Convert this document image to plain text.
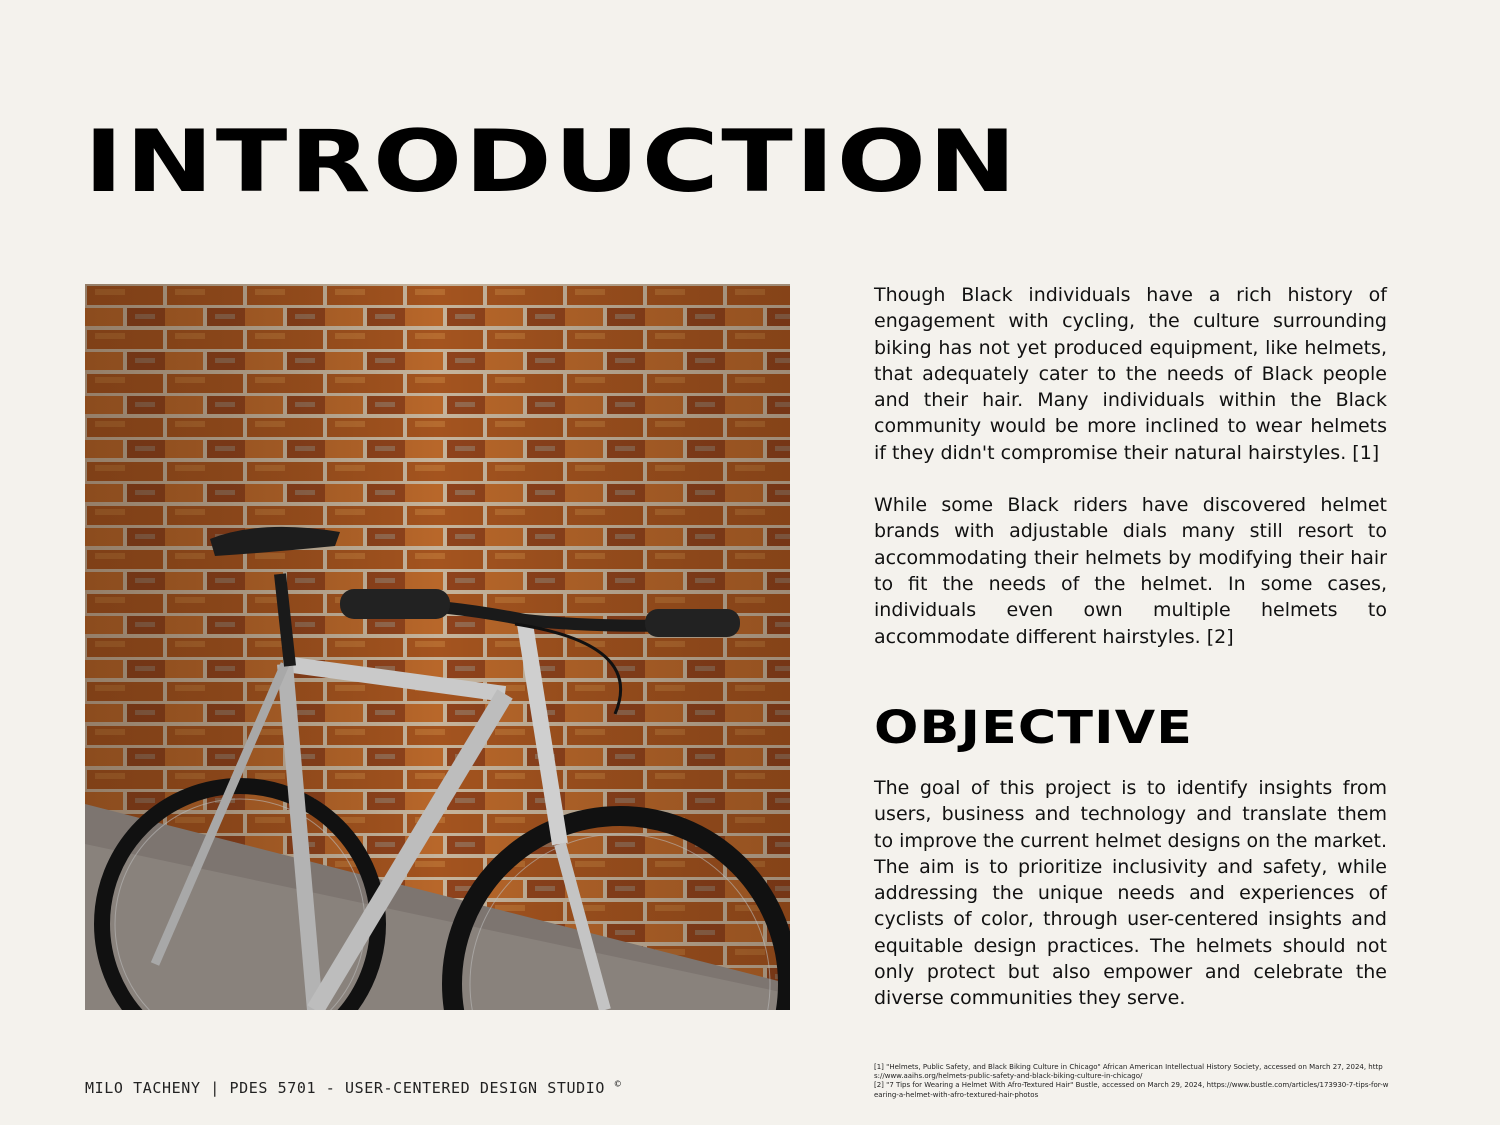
INTRODUCTION

Though Black individuals have a rich history of engagement with cycling, the culture surrounding biking has not yet produced equipment, like helmets, that adequately cater to the needs of Black people and their hair. Many individuals within the Black community would be more inclined to wear helmets if they didn't compromise their natural hairstyles. [1]

While some Black riders have discovered helmet brands with adjustable dials many still resort to accommodating their helmets by modifying their hair to fit the needs of the helmet. In some cases, individuals even own multiple helmets to accommodate different hairstyles. [2]

OBJECTIVE

The goal of this project is to identify insights from users, business and technology and translate them to improve the current helmet designs on the market. The aim is to prioritize inclusivity and safety, while addressing the unique needs and experiences of cyclists of color, through user-centered insights and equitable design practices. The helmets should not only protect but also empower and celebrate the diverse communities they serve.

MILO TACHENY | PDES 5701 - USER-CENTERED DESIGN STUDIO ©
[1] "Helmets, Public Safety, and Black Biking Culture in Chicago" African American Intellectual History Society, accessed on March 27, 2024, https://www.aaihs.org/helmets-public-safety-and-black-biking-culture-in-chicago/
[2] "7 Tips for Wearing a Helmet With Afro-Textured Hair" Bustle, accessed on March 29, 2024, https://www.bustle.com/articles/173930-7-tips-for-wearing-a-helmet-with-afro-textured-hair-photos
